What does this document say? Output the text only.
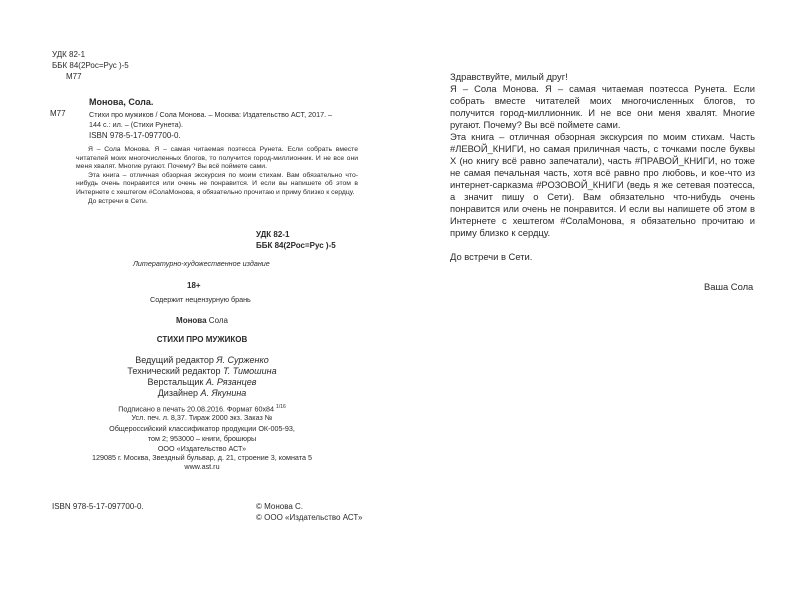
УДК 82-1
ББК 84(2Рос=Рус )-5
М77
Монова, Сола.
М77	Стихи про мужиков / Сола Монова. – Москва: Издательство АСТ, 2017. –
144 с.: ил. – (Стихи Рунета).
ISBN 978-5-17-097700-0.

Я – Сола Монова. Я – самая читаемая поэтесса Рунета. Если собрать вместе читателей моих многочисленных блогов, то получится город-миллионник. И не все они меня хвалят. Многие ругают. Почему? Вы всё поймете сами.

Эта книга – отличная обзорная экскурсия по моим стихам. Вам обязательно что-нибудь очень понравится или очень не понравится. И если вы напишете об этом в Интернете с хештегом #СолаМонова, я обязательно прочитаю и приму близко к сердцу.

До встречи в Сети.

УДК 82-1
ББК 84(2Рос=Рус )-5
Литературно-художественное издание
18+
Содержит нецензурную брань
Монова Сола
СТИХИ ПРО МУЖИКОВ
Ведущий редактор Я. Сурженко
Технический редактор Т. Тимошина
Верстальщик А. Рязанцев
Дизайнер А. Якунина
Подписано в печать 20.08.2016. Формат 60x84 $^{1/16}$
Усл. печ. л. 8,37. Тираж 2000 экз. Заказ №
Общероссийский классификатор продукции ОК-005-93,
том 2; 953000 – книги, брошюры
ООО «Издательство АСТ»
129085 г. Москва, Звездный бульвар, д. 21, строение 3, комната 5
www.ast.ru
ISBN 978-5-17-097700-0.	© Монова С.
© ООО «Издательство АСТ»

Здравствуйте, милый друг!

Я – Сола Монова. Я – самая читаемая поэтесса Рунета. Если собрать вместе читателей моих многочисленных блогов, то получится город-миллионник. И не все они меня хвалят. Многие ругают. Почему? Вы всё поймете сами.

Эта книга – отличная обзорная экскурсия по моим стихам. Часть #ЛЕВОЙ_КНИГИ, но самая приличная часть, с точками после буквы Х (но книгу всё равно запечатали), часть #ПРАВОЙ_КНИГИ, но тоже не самая печальная часть, хотя всё равно про любовь, и кое-что из интернет-сарказма #РОЗОВОЙ_КНИГИ (ведь я же сетевая поэтесса, а значит пишу о Сети). Вам обязательно что-нибудь очень понравится или очень не понравится. И если вы напишете об этом в Интернете с хештегом #СолаМонова, я обязательно прочитаю и приму близко к сердцу.

До встречи в Сети.

Ваша Сола
